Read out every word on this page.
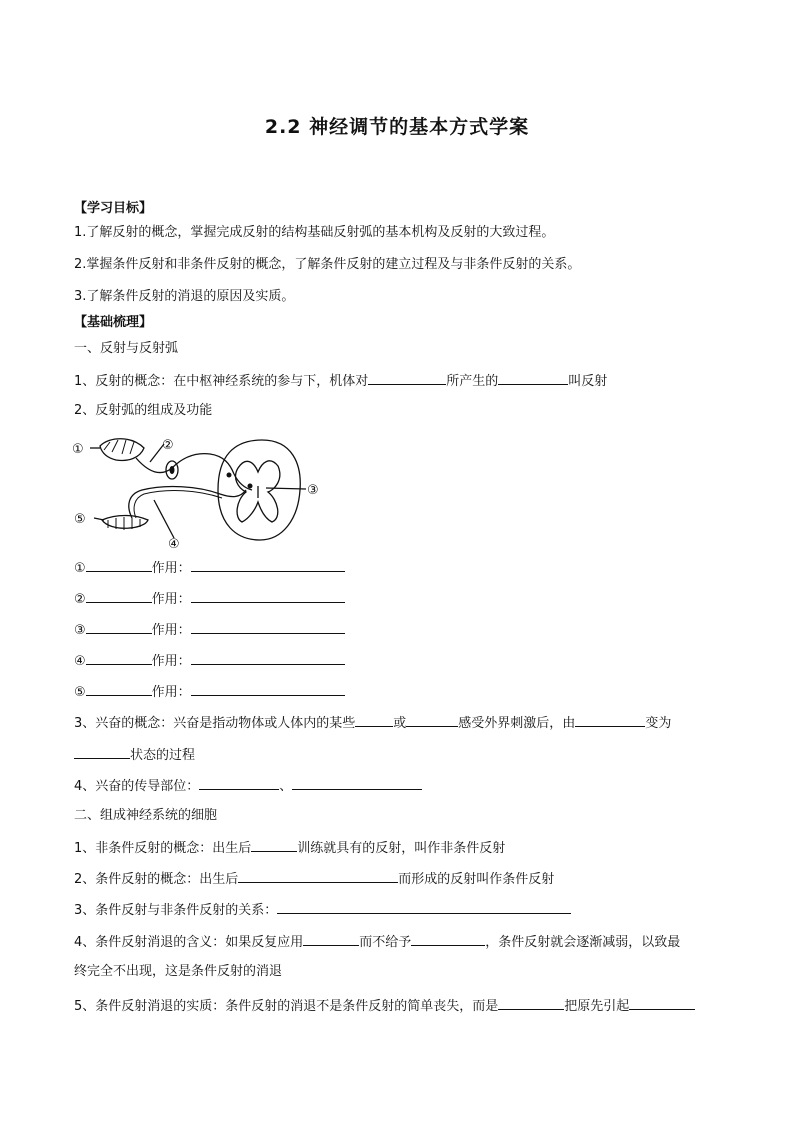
2.2 神经调节的基本方式学案
【学习目标】
1.了解反射的概念，掌握完成反射的结构基础反射弧的基本机构及反射的大致过程。
2.掌握条件反射和非条件反射的概念，了解条件反射的建立过程及与非条件反射的关系。
3.了解条件反射的消退的原因及实质。
【基础梳理】
一、反射与反射弧
1、反射的概念：在中枢神经系统的参与下，机体对	所产生的	叫反射
2、反射弧的组成及功能
①	②
③
④
⑤
①	作用：
②	作用：
③	作用：
④	作用：
⑤	作用：
3、兴奋的概念：兴奋是指动物体或人体内的某些	或	感受外界刺激后，由	变为
状态的过程
4、兴奋的传导部位：	、
二、组成神经系统的细胞
1、非条件反射的概念：出生后	训练就具有的反射，叫作非条件反射
2、条件反射的概念：出生后	而形成的反射叫作条件反射
3、条件反射与非条件反射的关系：
4、条件反射消退的含义：如果反复应用	而不给予	，条件反射就会逐渐减弱，以致最
终完全不出现，这是条件反射的消退
5、条件反射消退的实质：条件反射的消退不是条件反射的简单丧失，而是	把原先引起
